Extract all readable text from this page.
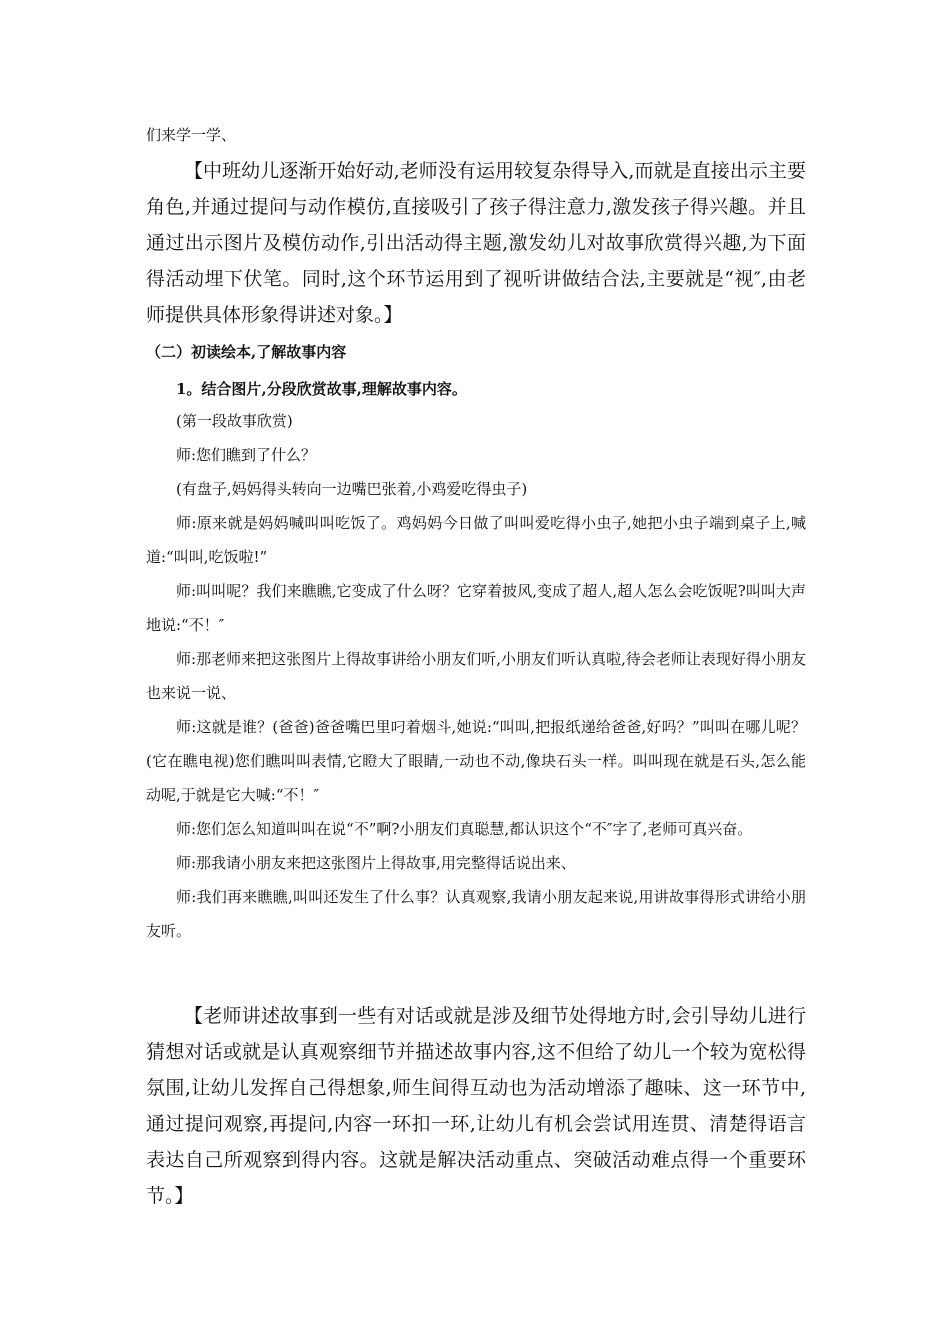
们来学一学、

【中班幼儿逐渐开始好动,老师没有运用较复杂得导入,而就是直接出示主要角色,并通过提问与动作模仿,直接吸引了孩子得注意力,激发孩子得兴趣。并且通过出示图片及模仿动作,引出活动得主题,激发幼儿对故事欣赏得兴趣,为下面得活动埋下伏笔。同时,这个环节运用到了视听讲做结合法,主要就是“视″,由老师提供具体形象得讲述对象。】

（二）初读绘本,了解故事内容
1。结合图片,分段欣赏故事,理解故事内容。

(第一段故事欣赏)

师:您们瞧到了什么？

(有盘子,妈妈得头转向一边嘴巴张着,小鸡爱吃得虫子)

师:原来就是妈妈喊叫叫吃饭了。鸡妈妈今日做了叫叫爱吃得小虫子,她把小虫子端到桌子上,喊道:“叫叫,吃饭啦!”

师:叫叫呢？我们来瞧瞧,它变成了什么呀？它穿着披风,变成了超人,超人怎么会吃饭呢?叫叫大声地说:“不！″

师:那老师来把这张图片上得故事讲给小朋友们听,小朋友们听认真啦,待会老师让表现好得小朋友也来说一说、

师:这就是谁？(爸爸)爸爸嘴巴里叼着烟斗,她说:“叫叫,把报纸递给爸爸,好吗？”叫叫在哪儿呢？(它在瞧电视)您们瞧叫叫表情,它瞪大了眼睛,一动也不动,像块石头一样。叫叫现在就是石头,怎么能动呢,于就是它大喊:“不！″

师:您们怎么知道叫叫在说“不”啊?小朋友们真聪慧,都认识这个“不″字了,老师可真兴奋。

师:那我请小朋友来把这张图片上得故事,用完整得话说出来、

师:我们再来瞧瞧,叫叫还发生了什么事？认真观察,我请小朋友起来说,用讲故事得形式讲给小朋友听。

【老师讲述故事到一些有对话或就是涉及细节处得地方时,会引导幼儿进行猜想对话或就是认真观察细节并描述故事内容,这不但给了幼儿一个较为宽松得氛围,让幼儿发挥自己得想象,师生间得互动也为活动增添了趣味、这一环节中,通过提问观察,再提问,内容一环扣一环,让幼儿有机会尝试用连贯、清楚得语言表达自己所观察到得内容。这就是解决活动重点、突破活动难点得一个重要环节。】
